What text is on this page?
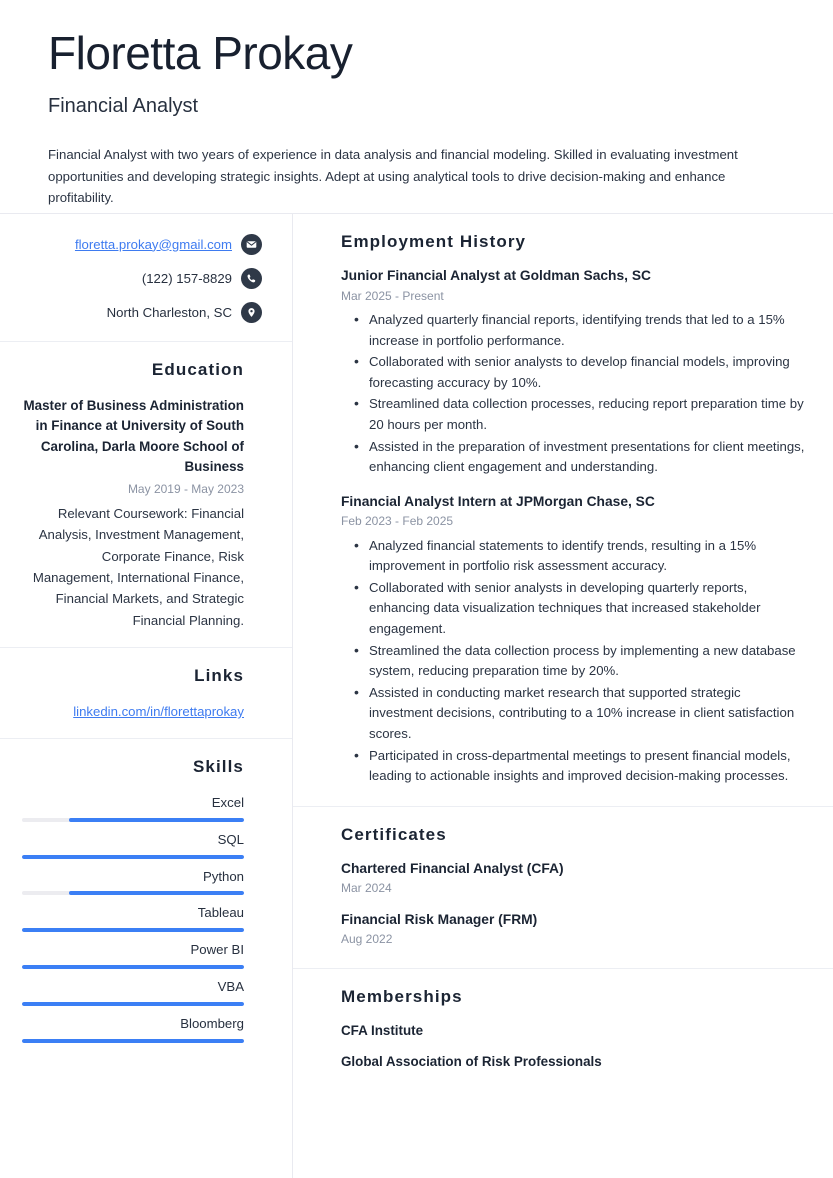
Floretta Prokay
Financial Analyst
Financial Analyst with two years of experience in data analysis and financial modeling. Skilled in evaluating investment opportunities and developing strategic insights. Adept at using analytical tools to drive decision-making and enhance profitability.
floretta.prokay@gmail.com
(122) 157-8829
North Charleston, SC
Education
Master of Business Administration in Finance at University of South Carolina, Darla Moore School of Business
May 2019 - May 2023
Relevant Coursework: Financial Analysis, Investment Management, Corporate Finance, Risk Management, International Finance, Financial Markets, and Strategic Financial Planning.
Links
linkedin.com/in/florettaprokay
Skills
Excel
SQL
Python
Tableau
Power BI
VBA
Bloomberg
Employment History
Junior Financial Analyst at Goldman Sachs, SC
Mar 2025 - Present
• Analyzed quarterly financial reports, identifying trends that led to a 15% increase in portfolio performance.
• Collaborated with senior analysts to develop financial models, improving forecasting accuracy by 10%.
• Streamlined data collection processes, reducing report preparation time by 20 hours per month.
• Assisted in the preparation of investment presentations for client meetings, enhancing client engagement and understanding.
Financial Analyst Intern at JPMorgan Chase, SC
Feb 2023 - Feb 2025
• Analyzed financial statements to identify trends, resulting in a 15% improvement in portfolio risk assessment accuracy.
• Collaborated with senior analysts in developing quarterly reports, enhancing data visualization techniques that increased stakeholder engagement.
• Streamlined the data collection process by implementing a new database system, reducing preparation time by 20%.
• Assisted in conducting market research that supported strategic investment decisions, contributing to a 10% increase in client satisfaction scores.
• Participated in cross-departmental meetings to present financial models, leading to actionable insights and improved decision-making processes.
Certificates
Chartered Financial Analyst (CFA)
Mar 2024
Financial Risk Manager (FRM)
Aug 2022
Memberships
CFA Institute
Global Association of Risk Professionals
